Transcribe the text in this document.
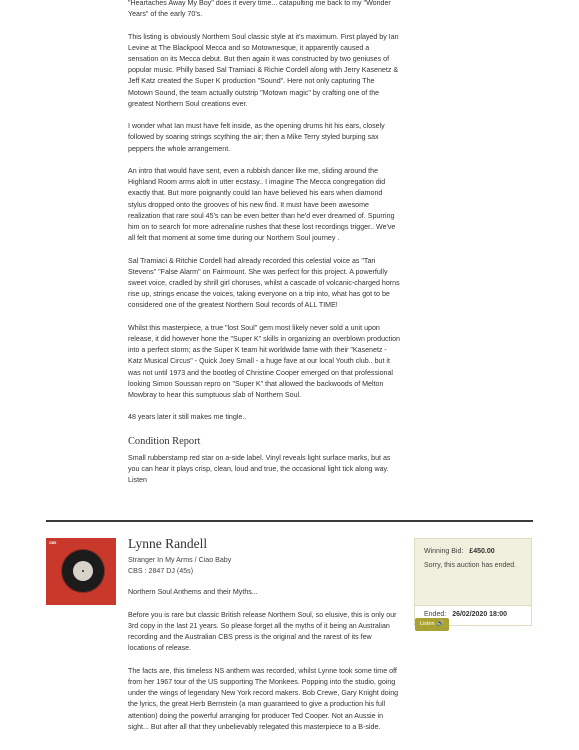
"Heartaches Away My Boy" does it every time... catapulting me back to my "Wonder Years" of the early 70's.

This listing is obviously Northern Soul classic style at it's maximum. First played by Ian Levine at The Blackpool Mecca and so Motownesque, it apparently caused a sensation on its Mecca debut. But then again it was constructed by two geniuses of popular music. Philly based Sal Tramiaci & Richie Cordell along with Jerry Kasenetz & Jeff Katz created the Super K production "Sound". Here not only capturing The Motown Sound, the team actually outstrip "Motown magic" by crafting one of the greatest Northern Soul creations ever.

I wonder what Ian must have felt inside, as the opening drums hit his ears, closely followed by soaring strings scything the air; then a Mike Terry styled burping sax peppers the whole arrangement.

An intro that would have sent, even a rubbish dancer like me, sliding around the Highland Room arms aloft in utter ecstasy.. I imagine The Mecca congregation did exactly that. But more poignantly could Ian have believed his ears when diamond stylus dropped onto the grooves of his new find. It must have been awesome realization that rare soul 45's can be even better than he'd ever dreamed of. Spurring him on to search for more adrenaline rushes that these lost recordings trigger.. We've all felt that moment at some time during our Northern Soul journey .

Sal Tramiaci & Ritchie Cordell had already recorded this celestial voice as "Tari Stevens" "False Alarm" on Fairmount. She was perfect for this project. A powerfully sweet voice, cradled by shrill girl choruses, whilst a cascade of volcanic-charged horns rise up, strings encase the voices, taking everyone on a trip into, what has got to be considered one of the greatest Northern Soul records of ALL TIME!

Whilst this masterpiece, a true "lost Soul" gem most likely never sold a unit upon release, it did however hone the "Super K" skills in organizing an overblown production into a perfect storm; as the Super K team hit worldwide fame with their "Kasenetz - Katz Musical Circus" - Quick Joey Small - a huge fave at our local Youth club.. but it was not until 1973 and the bootleg of Christine Cooper emerged on that professional looking Simon Soussan repro on "Super K" that allowed the backwoods of Melton Mowbray to hear this sumptuous slab of Northern Soul.

48 years later it still makes me tingle..

Condition Report

Small rubberstamp red star on a-side label. Vinyl reveals light surface marks, but as you can hear it plays crisp, clean, loud and true, the occasional light tick along way. Listen

CBS	Lynne Randell

Stranger In My Arms / Ciao Baby

CBS : 2847 DJ (45s)

Northern Soul Anthems and their Myths...

Before you is rare but classic British release Northern Soul, so elusive, this is only our 3rd copy in the last 21 years. So please forget all the myths of it being an Australian recording and the Australian CBS press is the original and the rarest of its few locations of release.

The facts are, this timeless NS anthem was recorded, whilst Lynne took some time off from her 1967 tour of the US supporting The Monkees. Popping into the studio, going under the wings of legendary New York record makers. Bob Crewe, Gary Knight doing the lyrics, the great Herb Bernstein (a man guaranteed to give a production his full attention) doing the powerful arranging for producer Ted Cooper. Not an Aussie in sight... But after all that they unbelievably relegated this masterpiece to a B-side.

Winning Bid: £450.00
Sorry, this auction has ended.
Ended: 26/02/2020 18:00
Listen 🔊
